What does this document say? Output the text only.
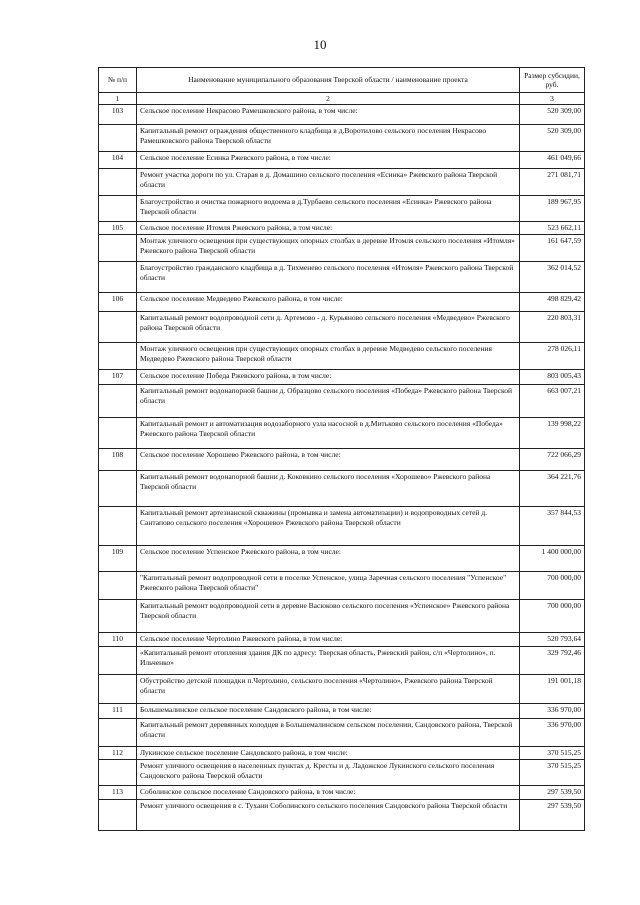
10
№ п/п	Наименование муниципального образования Тверской области / наименование проекта	Размер субсидии, руб.
1	2	3
103	Сельское поселение Некрасово Рамешковского района, в том числе:	520 309,00
	Капитальный ремонт ограждения общественного кладбища в д.Воротилово сельского поселения Некрасово Рамешковского района Тверской области	520 309,00
104	Сельское поселение Есинка Ржевского района, в том числе:	461 049,66
	Ремонт участка дороги по ул. Старая в д. Домашино сельского поселения «Есинка» Ржевского района Тверской области	271 081,71
	Благоустройство и очистка пожарного водоема в д.Турбаево сельского поселения «Есинка» Ржевского района Тверской области	189 967,95
105	Сельское поселение Итомля Ржевского района, в том числе:	523 662,11
	Монтаж уличного освещения при существующих опорных столбах в деревне Итомля сельского поселения «Итомля» Ржевского района Тверской области	161 647,59
	Благоустройство гражданского кладбища в д. Тихменево сельского поселения «Итомля» Ржевского района Тверской области	362 014,52
106	Сельское поселение Медведево Ржевского района, в том числе:	498 829,42
	Капитальный ремонт водопроводной сети д. Артемово - д. Курьяново сельского поселения «Медведево» Ржевского района Тверской области	220 803,31
	Монтаж уличного освещения при существующих опорных столбах в деревне Медведево сельского поселения Медведево Ржевского района Тверской области	278 026,11
107	Сельское поселение Победа Ржевского района, в том числе:	803 005,43
	Капитальный ремонт водонапорной башни д. Образцово сельского поселения «Победа» Ржевского района Тверской области	663 007,21
	Капитальный ремонт и автоматизация водозаборного узла насосной в д.Митьково сельского поселения «Победа» Ржевского района Тверской области	139 998,22
108	Сельское поселение Хорошево Ржевского района, в том числе:	722 066,29
	Капитальный ремонт водонапорной башни д. Коковкино сельского поселения «Хорошево» Ржевского района Тверской области	364 221,76
	Капитальный ремонт артезианской скважины (промывка и замена автоматизации) и водопроводных сетей д. Сантапово сельского поселения «Хорошево» Ржевского района Тверской области	357 844,53
109	Сельское поселение Успенское Ржевского района, в том числе:	1 400 000,00
	"Капитальный ремонт водопроводной сети в поселке Успенское, улица Заречная сельского поселения "Успенское" Ржевского района Тверской области"	700 000,00
	Капитальный ремонт водопроводной сети в деревне Васюково сельского поселения «Успенское» Ржевского района Тверской области	700 000,00
110	Сельское поселение Чертолино Ржевского района, в том числе:	520 793,64
	«Капитальный ремонт отопления здания ДК по адресу: Тверская область, Ржевский район, с/п «Чертолино», п. Ильченко»	329 792,46
	Обустройство детской площадки п.Чертолино, сельского поселения «Чертолино», Ржевского района Тверской области	191 001,18
111	Большемалинское сельское поселение Сандовского района, в том числе:	336 970,00
	Капитальный ремонт деревянных колодцев в Большемалинском сельском поселении, Сандовского района, Тверской области	336 970,00
112	Лукинское сельское поселение Сандовского района, в том числе:	370 515,25
	Ремонт уличного освещения в населенных пунктах д. Кресты и д. Ладожское Лукинского сельского поселения Сандовского района Тверской области	370 515,25
113	Соболинское сельское поселение Сандовского района, в том числе:	297 539,50
	Ремонт уличного освещения в с. Тухани Соболинского сельского поселения Сандовского района Тверской области	297 539,50
